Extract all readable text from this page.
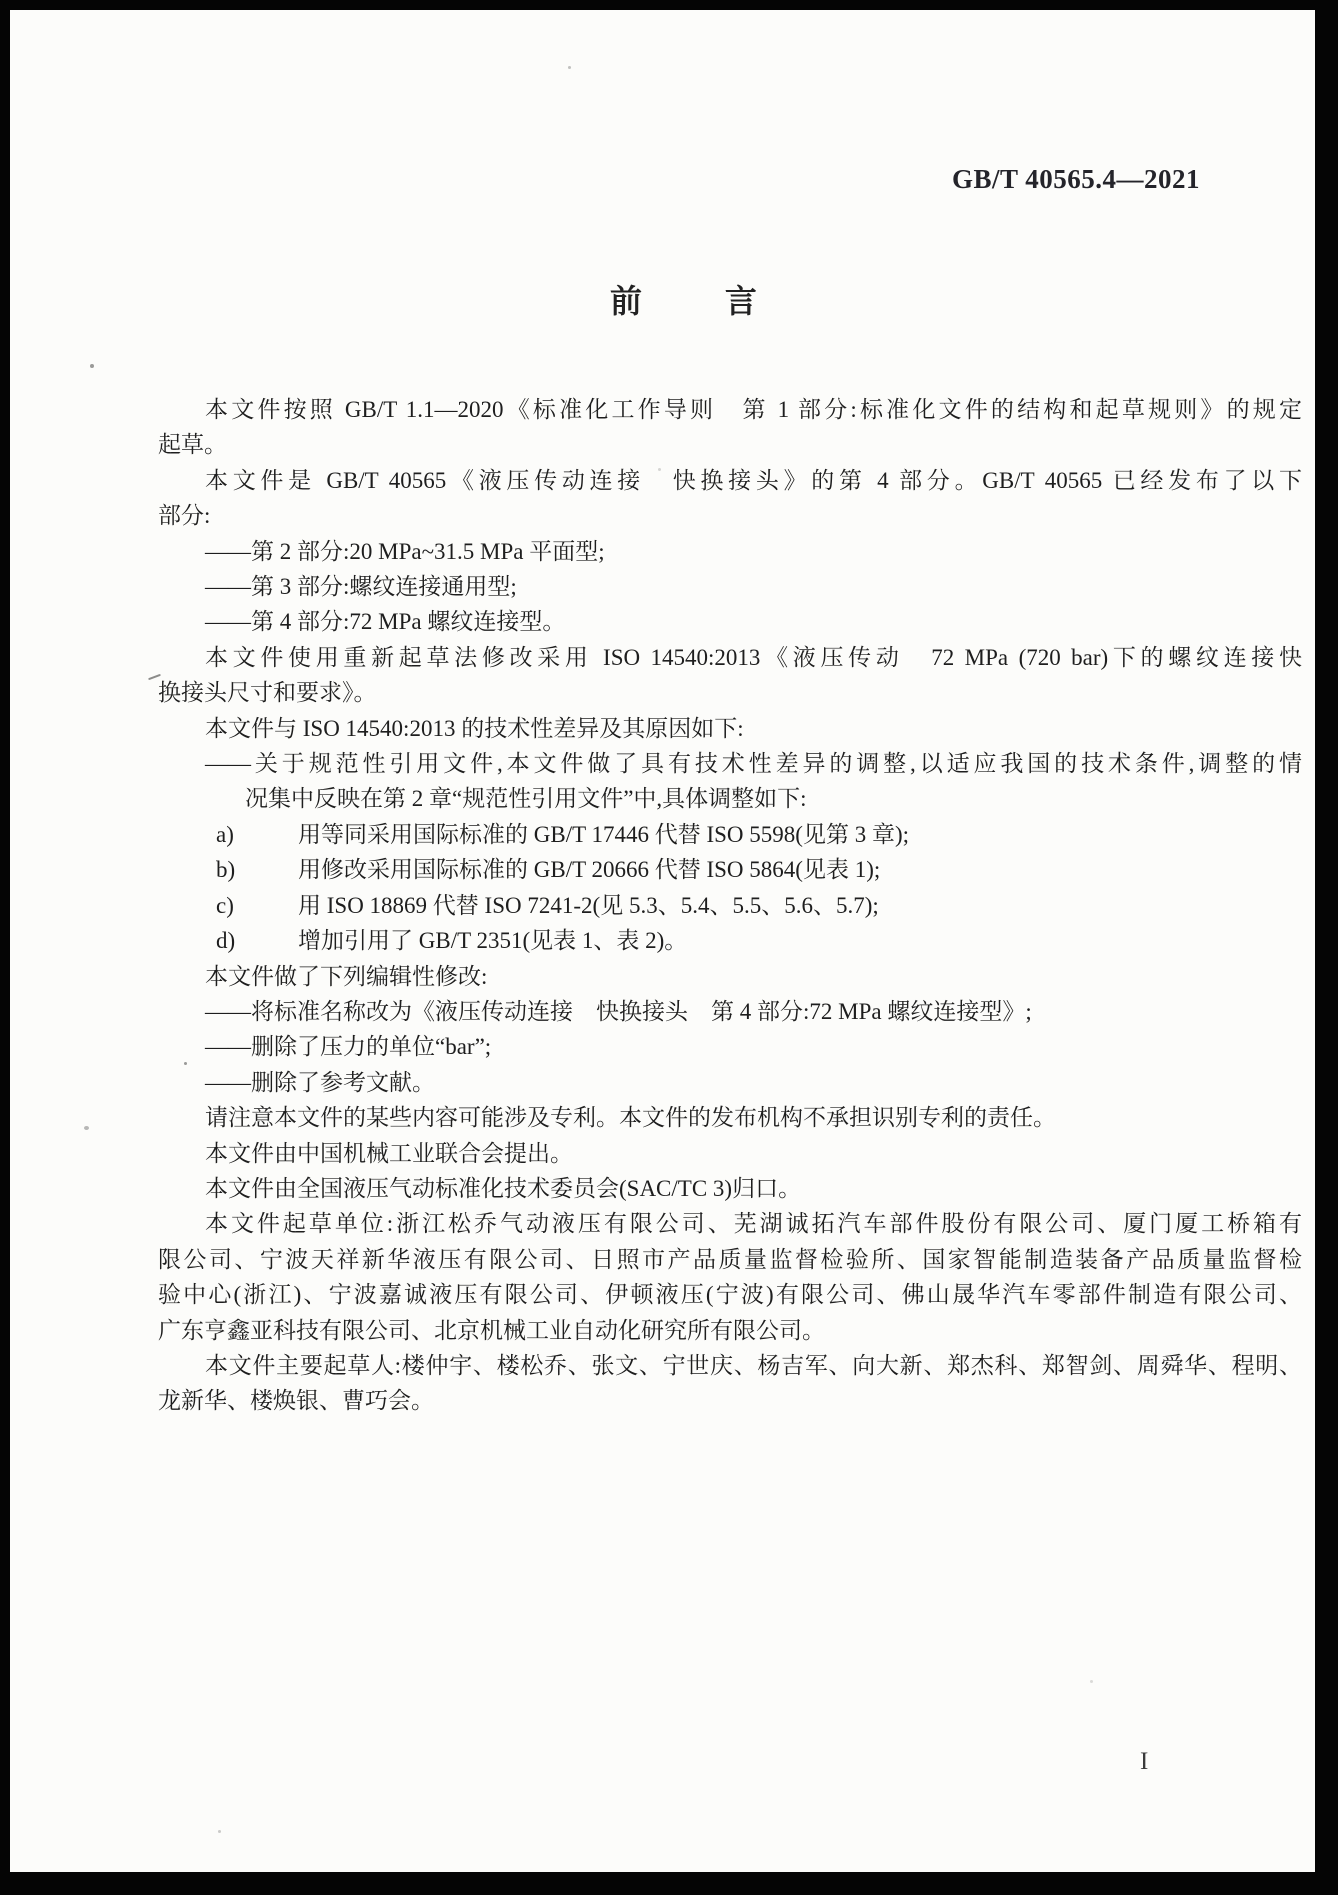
GB/T 40565.4—2021
前	言
本文件按照 GB/T 1.1—2020《标准化工作导则　第 1 部分:标准化文件的结构和起草规则》的规定
起草。
本文件是 GB/T 40565《液压传动连接　快换接头》的第 4 部分。GB/T 40565 已经发布了以下
部分:
——第 2 部分:20 MPa~31.5 MPa 平面型;
——第 3 部分:螺纹连接通用型;
——第 4 部分:72 MPa 螺纹连接型。
本文件使用重新起草法修改采用 ISO 14540:2013《液压传动　72 MPa (720 bar)下的螺纹连接快
换接头尺寸和要求》。
本文件与 ISO 14540:2013 的技术性差异及其原因如下:
——关于规范性引用文件,本文件做了具有技术性差异的调整,以适应我国的技术条件,调整的情
况集中反映在第 2 章“规范性引用文件”中,具体调整如下:
a)	用等同采用国际标准的 GB/T 17446 代替 ISO 5598(见第 3 章);
b)	用修改采用国际标准的 GB/T 20666 代替 ISO 5864(见表 1);
c)	用 ISO 18869 代替 ISO 7241-2(见 5.3、5.4、5.5、5.6、5.7);
d)	增加引用了 GB/T 2351(见表 1、表 2)。
本文件做了下列编辑性修改:
——将标准名称改为《液压传动连接　快换接头　第 4 部分:72 MPa 螺纹连接型》;
——删除了压力的单位“bar”;
——删除了参考文献。
请注意本文件的某些内容可能涉及专利。本文件的发布机构不承担识别专利的责任。
本文件由中国机械工业联合会提出。
本文件由全国液压气动标准化技术委员会(SAC/TC 3)归口。
本文件起草单位:浙江松乔气动液压有限公司、芜湖诚拓汽车部件股份有限公司、厦门厦工桥箱有
限公司、宁波天祥新华液压有限公司、日照市产品质量监督检验所、国家智能制造装备产品质量监督检
验中心(浙江)、宁波嘉诚液压有限公司、伊顿液压(宁波)有限公司、佛山晟华汽车零部件制造有限公司、
广东亨鑫亚科技有限公司、北京机械工业自动化研究所有限公司。
本文件主要起草人:楼仲宇、楼松乔、张文、宁世庆、杨吉军、向大新、郑杰科、郑智剑、周舜华、程明、
龙新华、楼焕银、曹巧会。
I
